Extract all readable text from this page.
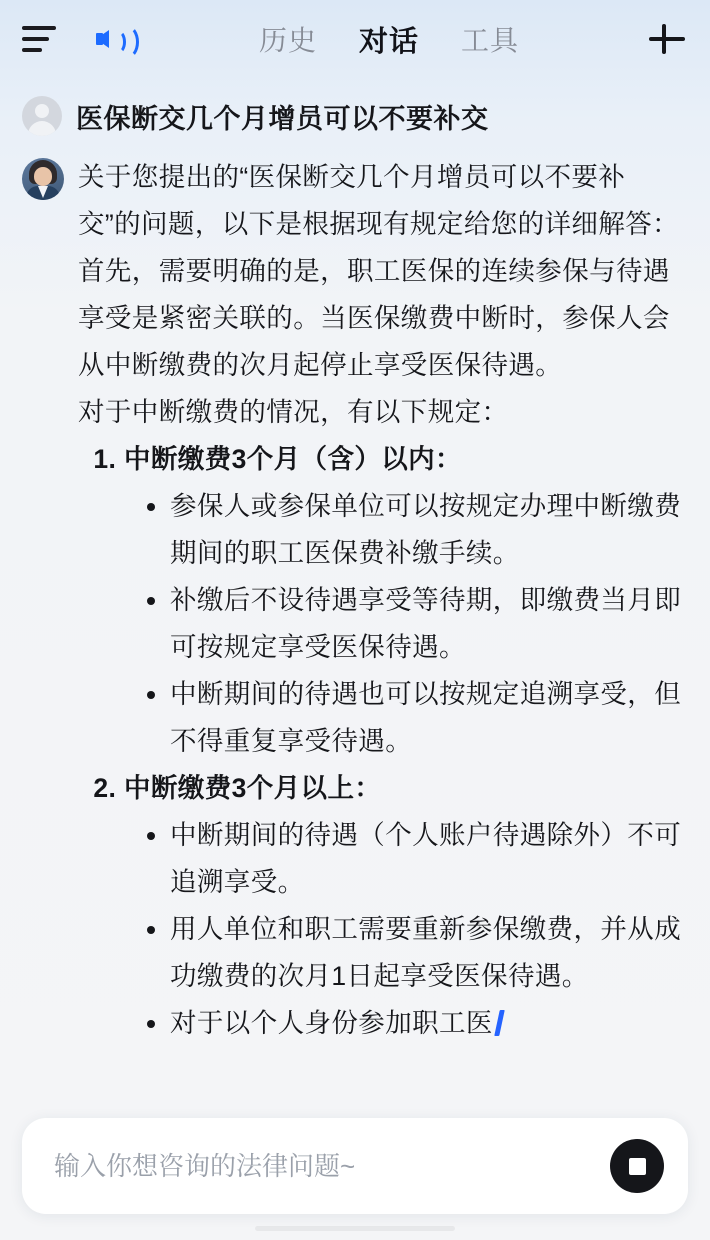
历史 对话 工具
医保断交几个月增员可以不要补交

关于您提出的“医保断交几个月增员可以不要补交”的问题，以下是根据现有规定给您的详细解答：

首先，需要明确的是，职工医保的连续参保与待遇享受是紧密关联的。当医保缴费中断时，参保人会从中断缴费的次月起停止享受医保待遇。

对于中断缴费的情况，有以下规定：

1. 中断缴费3个月（含）以内：
• 参保人或参保单位可以按规定办理中断缴费期间的职工医保费补缴手续。
• 补缴后不设待遇享受等待期，即缴费当月即可按规定享受医保待遇。
• 中断期间的待遇也可以按规定追溯享受，但不得重复享受待遇。
2. 中断缴费3个月以上：
• 中断期间的待遇（个人账户待遇除外）不可追溯享受。
• 用人单位和职工需要重新参保缴费，并从成功缴费的次月1日起享受医保待遇。
• 对于以个人身份参加职工医
输入你想咨询的法律问题~
